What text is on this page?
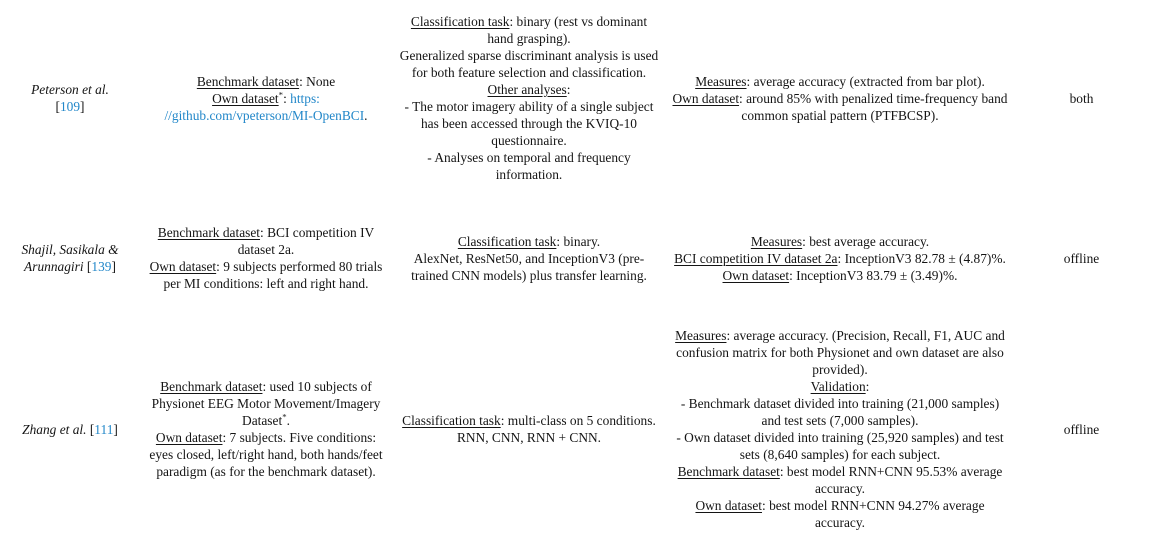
Peterson et al.
[109]
Benchmark dataset: None
Own dataset*: https:
//github.com/vpeterson/MI-OpenBCI.
Classification task: binary (rest vs dominant hand grasping).
Generalized sparse discriminant analysis is used for both feature selection and classification.
Other analyses:
- The motor imagery ability of a single subject has been accessed through the KVIQ-10 questionnaire.
- Analyses on temporal and frequency information.
Measures: average accuracy (extracted from bar plot).
Own dataset: around 85% with penalized time-frequency band common spatial pattern (PTFBCSP).
both
Shajil, Sasikala &
Arunnagiri [139]
Benchmark dataset: BCI competition IV dataset 2a.
Own dataset: 9 subjects performed 80 trials per MI conditions: left and right hand.
Classification task: binary.
AlexNet, ResNet50, and InceptionV3 (pre-trained CNN models) plus transfer learning.
Measures: best average accuracy.
BCI competition IV dataset 2a: InceptionV3 82.78 ± (4.87)%.
Own dataset: InceptionV3 83.79 ± (3.49)%.
offline
Zhang et al. [111]
Benchmark dataset: used 10 subjects of Physionet EEG Motor Movement/Imagery Dataset*.
Own dataset: 7 subjects. Five conditions: eyes closed, left/right hand, both hands/feet paradigm (as for the benchmark dataset).
Classification task: multi-class on 5 conditions.
RNN, CNN, RNN + CNN.
Measures: average accuracy. (Precision, Recall, F1, AUC and confusion matrix for both Physionet and own dataset are also provided).
Validation:
- Benchmark dataset divided into training (21,000 samples) and test sets (7,000 samples).
- Own dataset divided into training (25,920 samples) and test sets (8,640 samples) for each subject.
Benchmark dataset: best model RNN+CNN 95.53% average accuracy.
Own dataset: best model RNN+CNN 94.27% average accuracy.
offline
